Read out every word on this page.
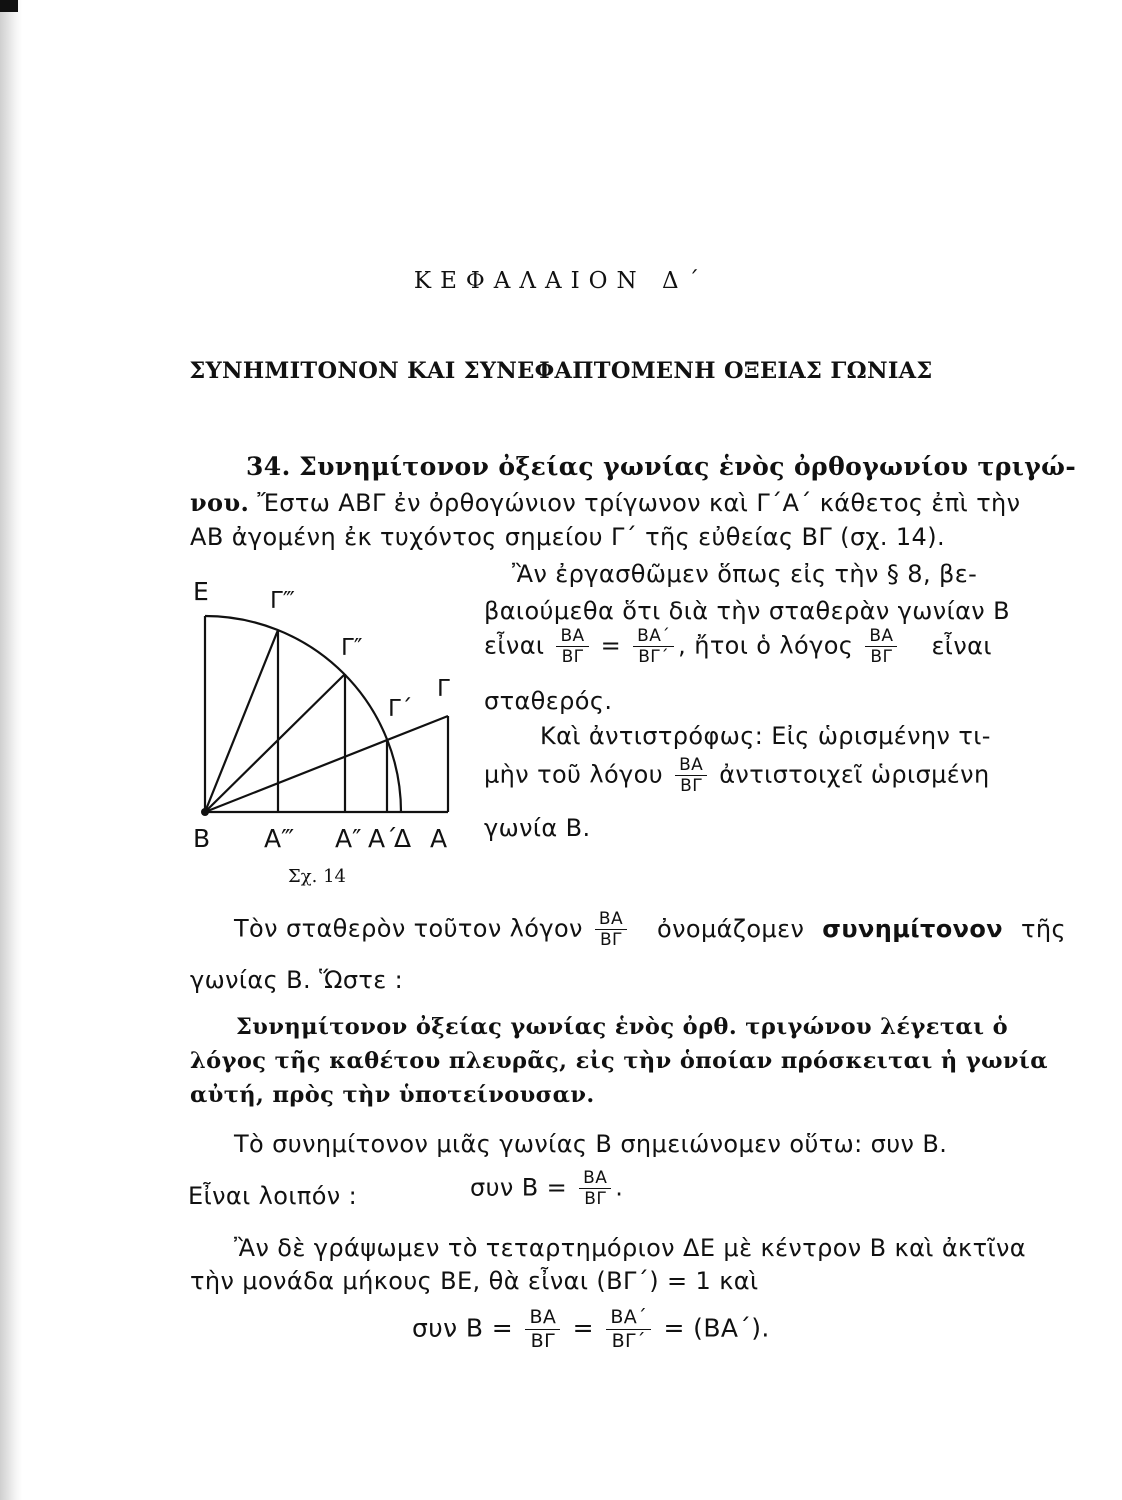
ΚΕΦΑΛΑΙΟΝ Δ΄
ΣΥΝΗΜΙΤΟΝΟΝ ΚΑΙ ΣΥΝΕΦΑΠΤΟΜΕΝΗ ΟΞΕΙΑΣ ΓΩΝΙΑΣ
34. Συνημίτονον ὀξείας γωνίας ἑνὸς ὀρθογωνίου τριγώ-
νου. Ἔστω ΑΒΓ ἐν ὀρθογώνιον τρίγωνον καὶ Γ΄Α΄ κάθετος ἐπὶ τὴν
ΑΒ ἀγομένη ἐκ τυχόντος σημείου Γ΄ τῆς εὐθείας ΒΓ (σχ. 14).
Ε	Γ‴
Γ″
Γ΄
Γ
Β Α‴ Α″ Α΄
Δ Α
Σχ. 14
Ἂν ἐργασθῶμεν ὅπως εἰς τὴν § 8, βε-
βαιούμεθα ὅτι διὰ τὴν σταθερὰν γωνίαν Β
εἶναι $\frac{BA}{B\Gamma} = \frac{BA΄}{B\Gamma΄}$ , ἤτοι ὁ λόγος $\frac{BA}{B\Gamma}$ εἶναι
σταθερός.
Καὶ ἀντιστρόφως: Εἰς ὡρισμένην τι-
μὴν τοῦ λόγου $\frac{BA}{B\Gamma}$ ἀντιστοιχεῖ ὡρισμένη
γωνία Β.
Τὸν σταθερὸν τοῦτον λόγον $\frac{BA}{B\Gamma}$ ὀνομάζομεν συνημίτονον τῆς
γωνίας Β. Ὥστε :
Συνημίτονον ὀξείας γωνίας ἑνὸς ὀρθ. τριγώνου λέγεται ὁ
λόγος τῆς καθέτου πλευρᾶς, εἰς τὴν ὁποίαν πρόσκειται ἡ γωνία
αὐτή, πρὸς τὴν ὑποτείνουσαν.
Τὸ συνημίτονον μιᾶς γωνίας Β σημειώνομεν οὕτω: συν Β.
Εἶναι λοιπόν :	συν $B = \frac{BA}{B\Gamma}$ .
Ἂν δὲ γράψωμεν τὸ τεταρτημόριον ΔΕ μὲ κέντρον Β καὶ ἀκτῖνα
τὴν μονάδα μήκους ΒΕ, θὰ εἶναι (ΒΓ΄) = 1 καὶ
συν $B = \frac{BA}{B\Gamma} = \frac{BA΄}{B\Gamma΄} = (BA΄)$.
